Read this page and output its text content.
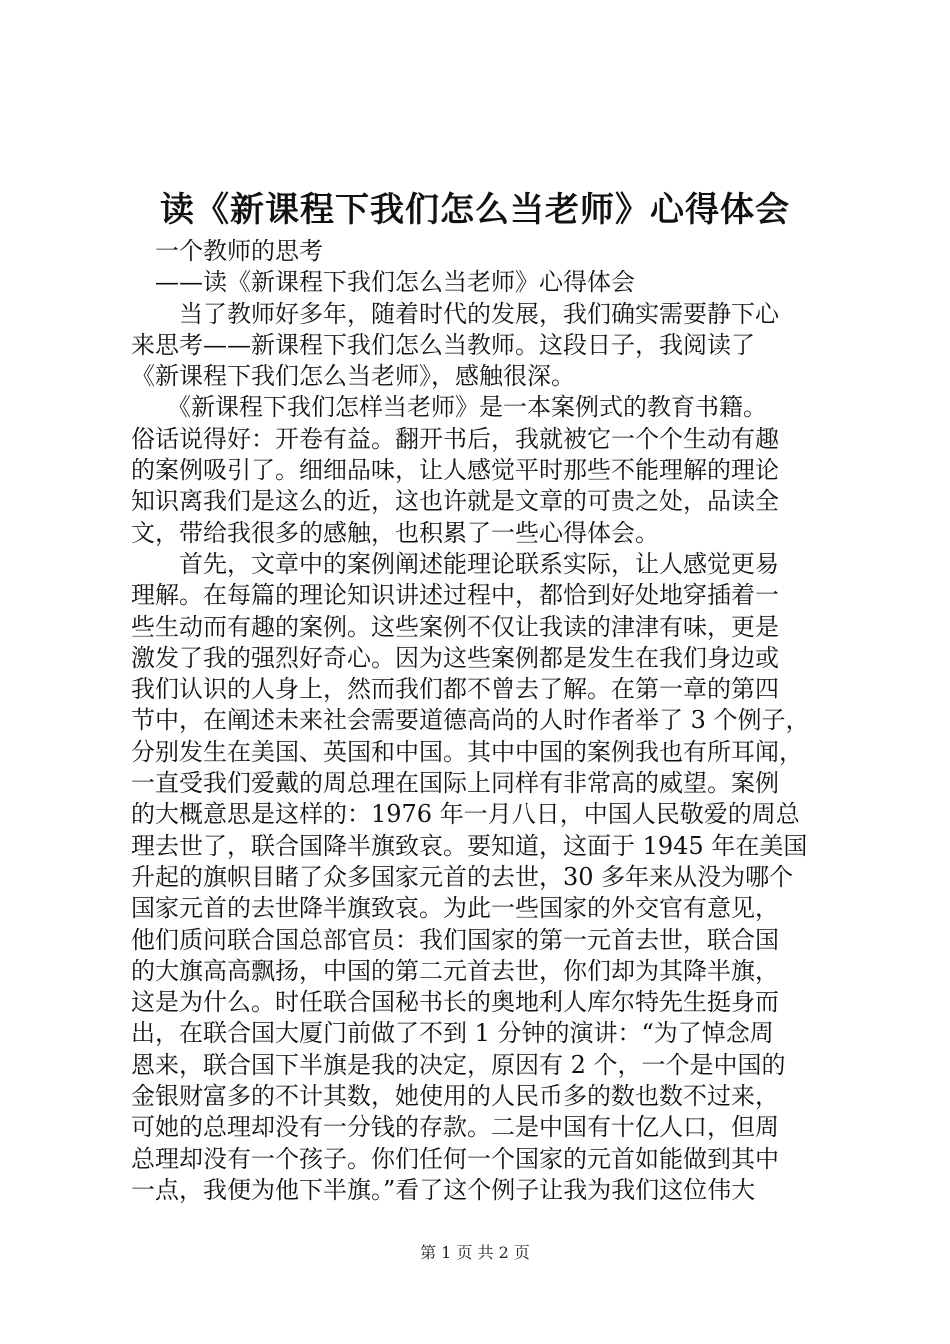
读《新课程下我们怎么当老师》心得体会
　一个教师的思考
　——读《新课程下我们怎么当老师》心得体会
　　当了教师好多年，随着时代的发展，我们确实需要静下心
来思考——新课程下我们怎么当教师。这段日子，我阅读了
《新课程下我们怎么当老师》，感触很深。
　　《新课程下我们怎样当老师》是一本案例式的教育书籍。
俗话说得好：开卷有益。翻开书后，我就被它一个个生动有趣
的案例吸引了。细细品味，让人感觉平时那些不能理解的理论
知识离我们是这么的近，这也许就是文章的可贵之处，品读全
文，带给我很多的感触，也积累了一些心得体会。
　　首先，文章中的案例阐述能理论联系实际，让人感觉更易
理解。在每篇的理论知识讲述过程中，都恰到好处地穿插着一
些生动而有趣的案例。这些案例不仅让我读的津津有味，更是
激发了我的强烈好奇心。因为这些案例都是发生在我们身边或
我们认识的人身上，然而我们都不曾去了解。在第一章的第四
节中，在阐述未来社会需要道德高尚的人时作者举了 3 个例子，
分别发生在美国、英国和中国。其中中国的案例我也有所耳闻，
一直受我们爱戴的周总理在国际上同样有非常高的威望。案例
的大概意思是这样的：1976 年一月八日，中国人民敬爱的周总
理去世了，联合国降半旗致哀。要知道，这面于 1945 年在美国
升起的旗帜目睹了众多国家元首的去世，30 多年来从没为哪个
国家元首的去世降半旗致哀。为此一些国家的外交官有意见，
他们质问联合国总部官员：我们国家的第一元首去世，联合国
的大旗高高飘扬，中国的第二元首去世，你们却为其降半旗，
这是为什么。时任联合国秘书长的奥地利人库尔特先生挺身而
出，在联合国大厦门前做了不到 1 分钟的演讲：“为了悼念周
恩来，联合国下半旗是我的决定，原因有 2 个，一个是中国的
金银财富多的不计其数，她使用的人民币多的数也数不过来，
可她的总理却没有一分钱的存款。二是中国有十亿人口，但周
总理却没有一个孩子。你们任何一个国家的元首如能做到其中
一点，我便为他下半旗。”看了这个例子让我为我们这位伟大
第 1 页 共 2 页
